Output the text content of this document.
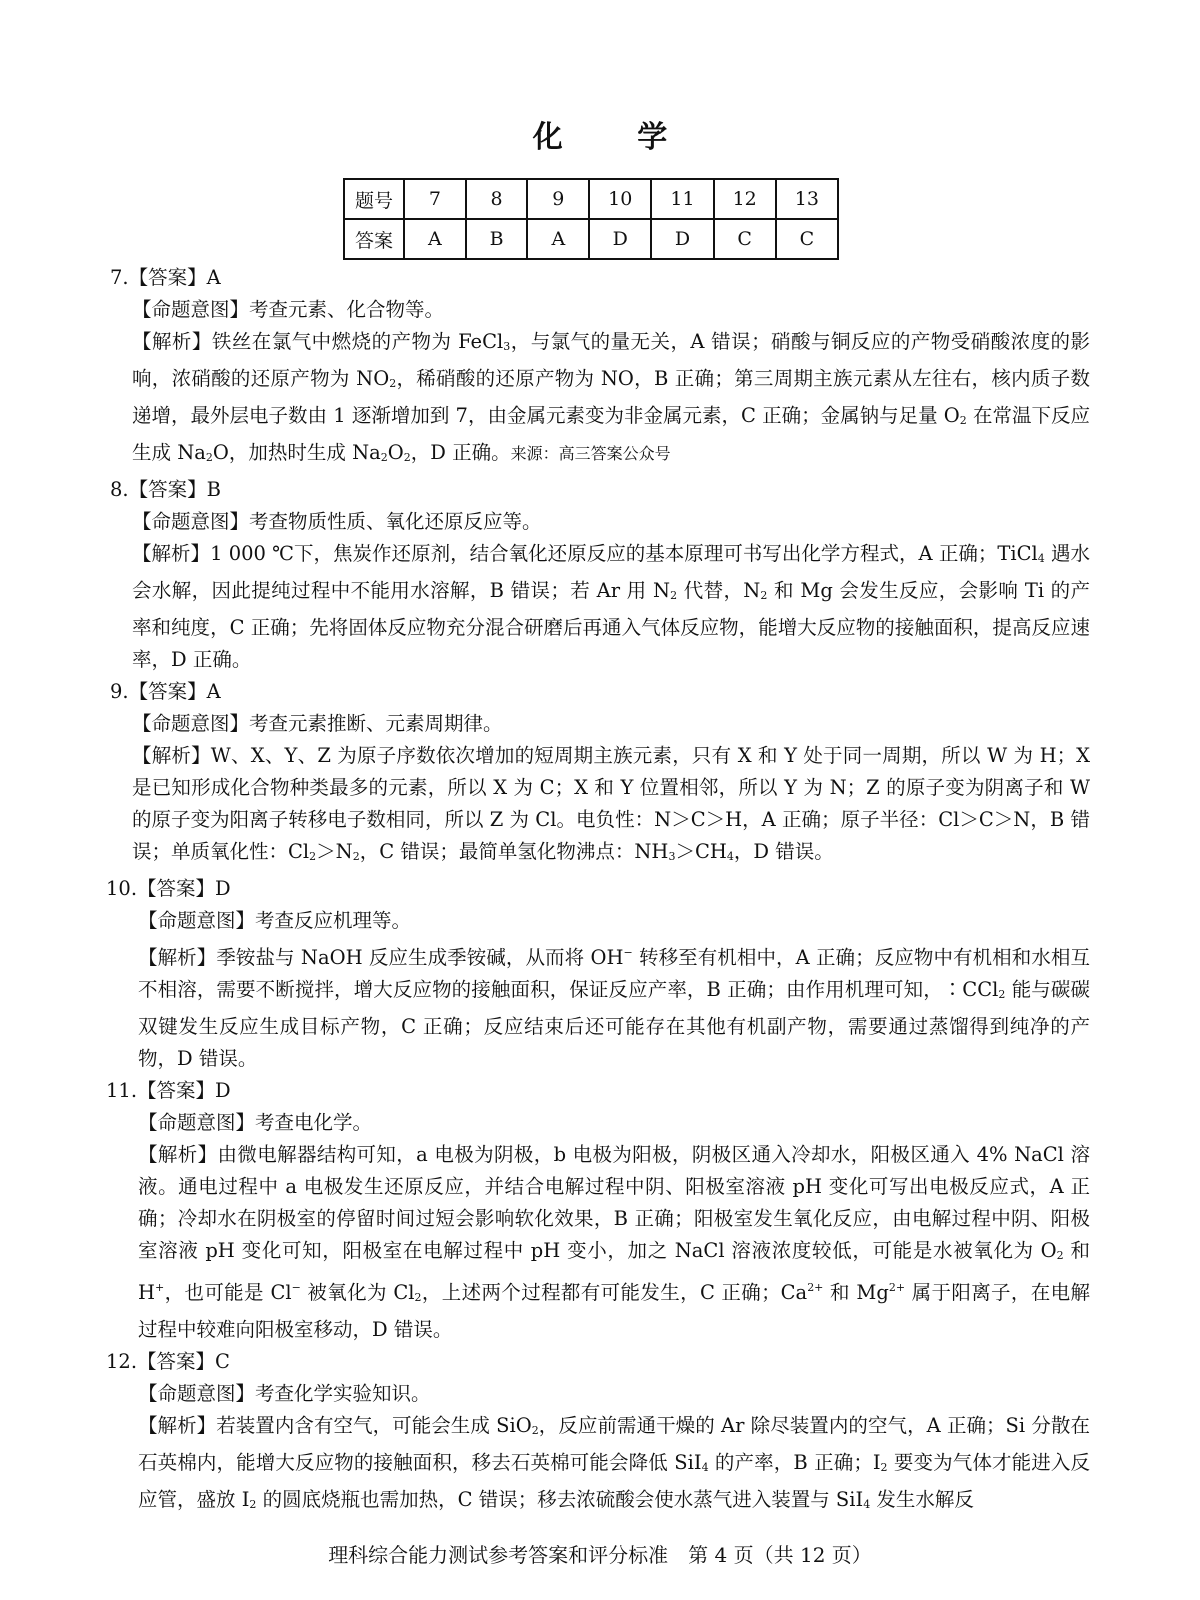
化 学
题号	7	8	9	10	11	12	13
答案	A	B	A	D	D	C	C
7.【答案】A
【命题意图】考查元素、化合物等。
【解析】铁丝在氯气中燃烧的产物为 FeCl$_3$，与氯气的量无关，A 错误；硝酸与铜反应的产物受硝酸浓度的影响，浓硝酸的还原产物为 $NO_2$，稀硝酸的还原产物为 NO，B 正确；第三周期主族元素从左往右，核内质子数递增，最外层电子数由 1 逐渐增加到 7，由金属元素变为非金属元素，C 正确；金属钠与足量 $O_2$ 在常温下反应生成 $Na_2O$，加热时生成 $Na_2O_2$，D 正确。来源：高三答案公众号
8.【答案】B
【命题意图】考查物质性质、氧化还原反应等。
【解析】1 000 ℃下，焦炭作还原剂，结合氧化还原反应的基本原理可书写出化学方程式，A 正确；TiCl$_4$ 遇水会水解，因此提纯过程中不能用水溶解，B 错误；若 Ar 用 $N_2$ 代替，$N_2$ 和 Mg 会发生反应，会影响 Ti 的产率和纯度，C 正确；先将固体反应物充分混合研磨后再通入气体反应物，能增大反应物的接触面积，提高反应速率，D 正确。
9.【答案】A
【命题意图】考查元素推断、元素周期律。
【解析】W、X、Y、Z 为原子序数依次增加的短周期主族元素，只有 X 和 Y 处于同一周期，所以 W 为 H；X 是已知形成化合物种类最多的元素，所以 X 为 C；X 和 Y 位置相邻，所以 Y 为 N；Z 的原子变为阴离子和 W 的原子变为阳离子转移电子数相同，所以 Z 为 Cl。电负性：N＞C＞H，A 正确；原子半径：Cl＞C＞N，B 错误；单质氧化性：$Cl_2>N_2$，C 错误；最简单氢化物沸点：$NH_3>CH_4$，D 错误。
10.【答案】D
【命题意图】考查反应机理等。
【解析】季铵盐与 NaOH 反应生成季铵碱，从而将 OH− 转移至有机相中，A 正确；反应物中有机相和水相互不相溶，需要不断搅拌，增大反应物的接触面积，保证反应产率，B 正确；由作用机理可知，∶CCl$_2$ 能与碳碳双键发生反应生成目标产物，C 正确；反应结束后还可能存在其他有机副产物，需要通过蒸馏得到纯净的产物，D 错误。
11.【答案】D
【命题意图】考查电化学。
【解析】由微电解器结构可知，a 电极为阴极，b 电极为阳极，阴极区通入冷却水，阳极区通入 4% NaCl 溶液。通电过程中 a 电极发生还原反应，并结合电解过程中阴、阳极室溶液 pH 变化可写出电极反应式，A 正确；冷却水在阴极室的停留时间过短会影响软化效果，B 正确；阳极室发生氧化反应，由电解过程中阴、阳极室溶液 pH 变化可知，阳极室在电解过程中 pH 变小，加之 NaCl 溶液浓度较低，可能是水被氧化为 $O_2$ 和 H+，也可能是 Cl− 被氧化为 $Cl_2$，上述两个过程都有可能发生，C 正确；$Ca^{2+}$ 和 $Mg^{2+}$ 属于阳离子，在电解过程中较难向阳极室移动，D 错误。
12.【答案】C
【命题意图】考查化学实验知识。
【解析】若装置内含有空气，可能会生成 SiO$_2$，反应前需通干燥的 Ar 除尽装置内的空气，A 正确；Si 分散在石英棉内，能增大反应物的接触面积，移去石英棉可能会降低 SiI$_4$ 的产率，B 正确；$I_2$ 要变为气体才能进入反应管，盛放 $I_2$ 的圆底烧瓶也需加热，C 错误；移去浓硫酸会使水蒸气进入装置与 SiI$_4$ 发生水解反
理科综合能力测试参考答案和评分标准　第 4 页（共 12 页）
